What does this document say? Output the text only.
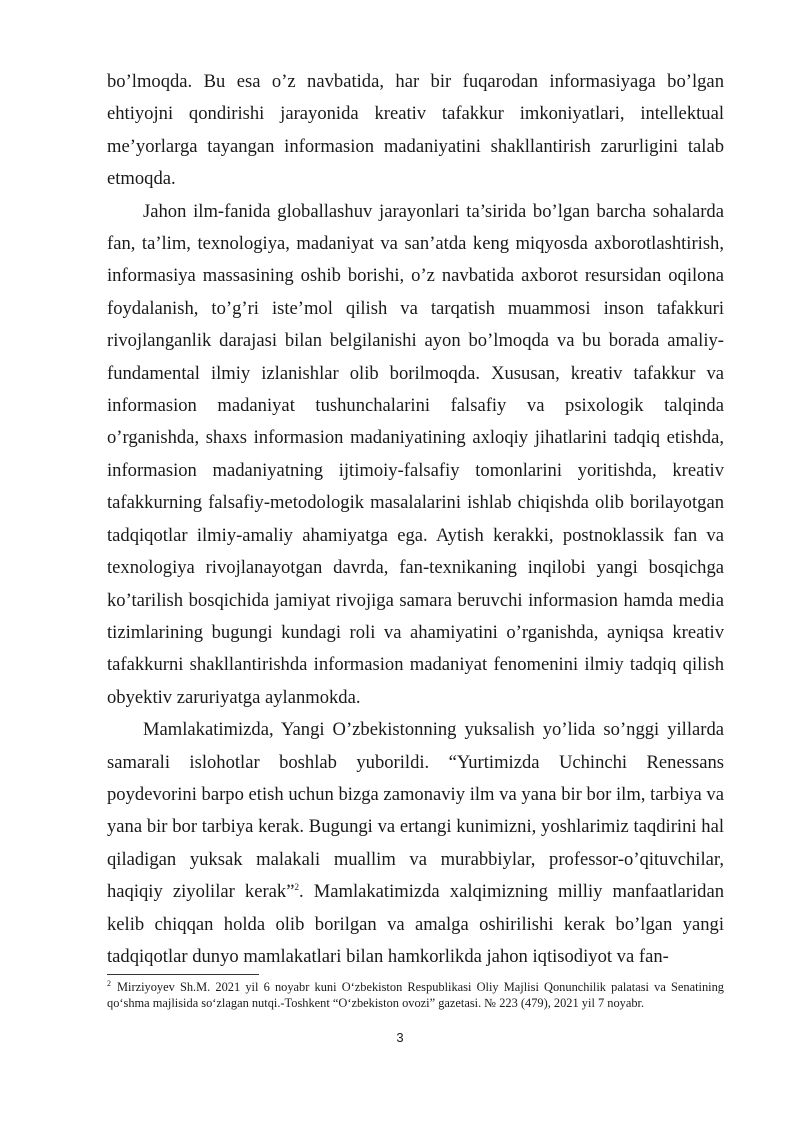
bo’lmoqda. Bu esa o’z navbatida, har bir fuqarodan informasiyaga bo’lgan ehtiyojni qondirishi jarayonida kreativ tafakkur imkoniyatlari, intellektual me’yorlarga tayangan informasion madaniyatini shakllantirish zarurligini talab etmoqda.

Jahon ilm-fanida globallashuv jarayonlari ta’sirida bo’lgan barcha sohalarda fan, ta’lim, texnologiya, madaniyat va san’atda keng miqyosda axborotlashtirish, informasiya massasining oshib borishi, o’z navbatida axborot resursidan oqilona foydalanish, to’g’ri iste’mol qilish va tarqatish muammosi inson tafakkuri rivojlanganlik darajasi bilan belgilanishi ayon bo’lmoqda va bu borada amaliy-fundamental ilmiy izlanishlar olib borilmoqda. Xususan, kreativ tafakkur va informasion madaniyat tushunchalarini falsafiy va psixologik talqinda o’rganishda, shaxs informasion madaniyatining axloqiy jihatlarini tadqiq etishda, informasion madaniyatning ijtimoiy-falsafiy tomonlarini yoritishda, kreativ tafakkurning falsafiy-metodologik masalalarini ishlab chiqishda olib borilayotgan tadqiqotlar ilmiy-amaliy ahamiyatga ega. Aytish kerakki, postnoklassik fan va texnologiya rivojlanayotgan davrda, fan-texnikaning inqilobi yangi bosqichga ko’tarilish bosqichida jamiyat rivojiga samara beruvchi informasion hamda media tizimlarining bugungi kundagi roli va ahamiyatini o’rganishda, ayniqsa kreativ tafakkurni shakllantirishda informasion madaniyat fenomenini ilmiy tadqiq qilish obyektiv zaruriyatga aylanmokda.

Mamlakatimizda, Yangi O’zbekistonning yuksalish yo’lida so’nggi yillarda samarali islohotlar boshlab yuborildi. “Yurtimizda Uchinchi Renessans poydevorini barpo etish uchun bizga zamonaviy ilm va yana bir bor ilm, tarbiya va yana bir bor tarbiya kerak. Bugungi va ertangi kunimizni, yoshlarimiz taqdirini hal qiladigan yuksak malakali muallim va murabbiylar, professor-o’qituvchilar, haqiqiy ziyolilar kerak”$^2$. Mamlakatimizda xalqimizning milliy manfaatlaridan kelib chiqqan holda olib borilgan va amalga oshirilishi kerak bo’lgan yangi tadqiqotlar dunyo mamlakatlari bilan hamkorlikda jahon iqtisodiyot va fan-

$^2$ Mirziyoyev Sh.M. 2021 yil 6 noyabr kuni O‘zbekiston Respublikasi Oliy Majlisi Qonunchilik palatasi va Senatining qo‘shma majlisida so‘zlagan nutqi.-Toshkent “O‘zbekiston ovozi” gazetasi. № 223 (479), 2021 yil 7 noyabr.

3
